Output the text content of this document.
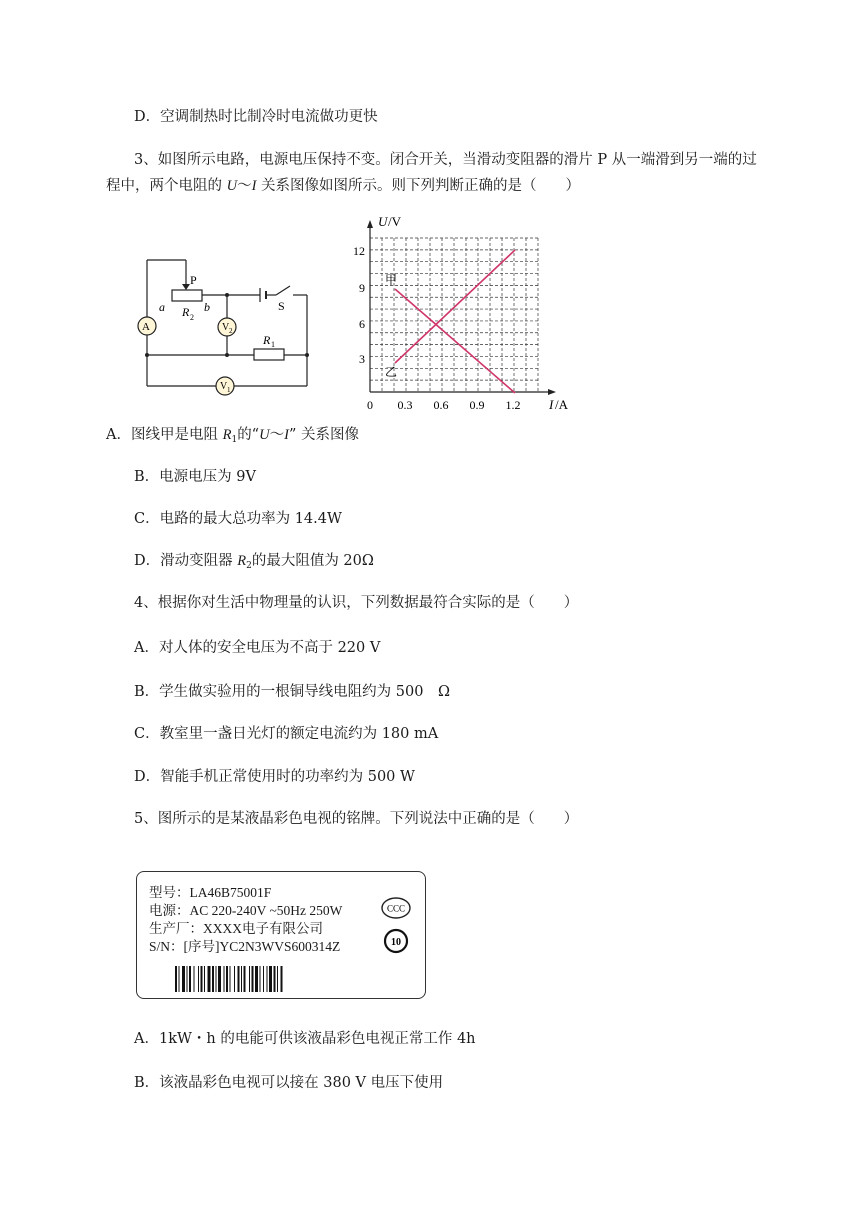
D．空调制热时比制冷时电流做功更快
3、如图所示电路，电源电压保持不变。闭合开关，当滑动变阻器的滑片 P 从一端滑到另一端的过
程中，两个电阻的 U～I 关系图像如图所示。则下列判断正确的是（　　）
P
a	b
R 2
S
R 1
A	V 2
V 1
U /V
I /A
12
9
6
3
0 0.3 0.6 0.9 1.2
甲
乙
A．图线甲是电阻 $R_1$的“U～I” 关系图像
B．电源电压为 9V
C．电路的最大总功率为 14.4W
D．滑动变阻器 $R_2$的最大阻值为 20Ω
4、根据你对生活中物理量的认识，下列数据最符合实际的是（　　）
A．对人体的安全电压为不高于 220 V
B．学生做实验用的一根铜导线电阻约为 500　Ω
C．教室里一盏日光灯的额定电流约为 180 mA
D．智能手机正常使用时的功率约为 500 W
5、图所示的是某液晶彩色电视的铭牌。下列说法中正确的是（　　）
型号：LA46B75001F
电源：AC 220-240V ~50Hz 250W
生产厂：XXXX电子有限公司
S/N：[序号]YC2N3WVS600314Z
CCC
10
A．1kW・h 的电能可供该液晶彩色电视正常工作 4h
B．该液晶彩色电视可以接在 380 V 电压下使用
